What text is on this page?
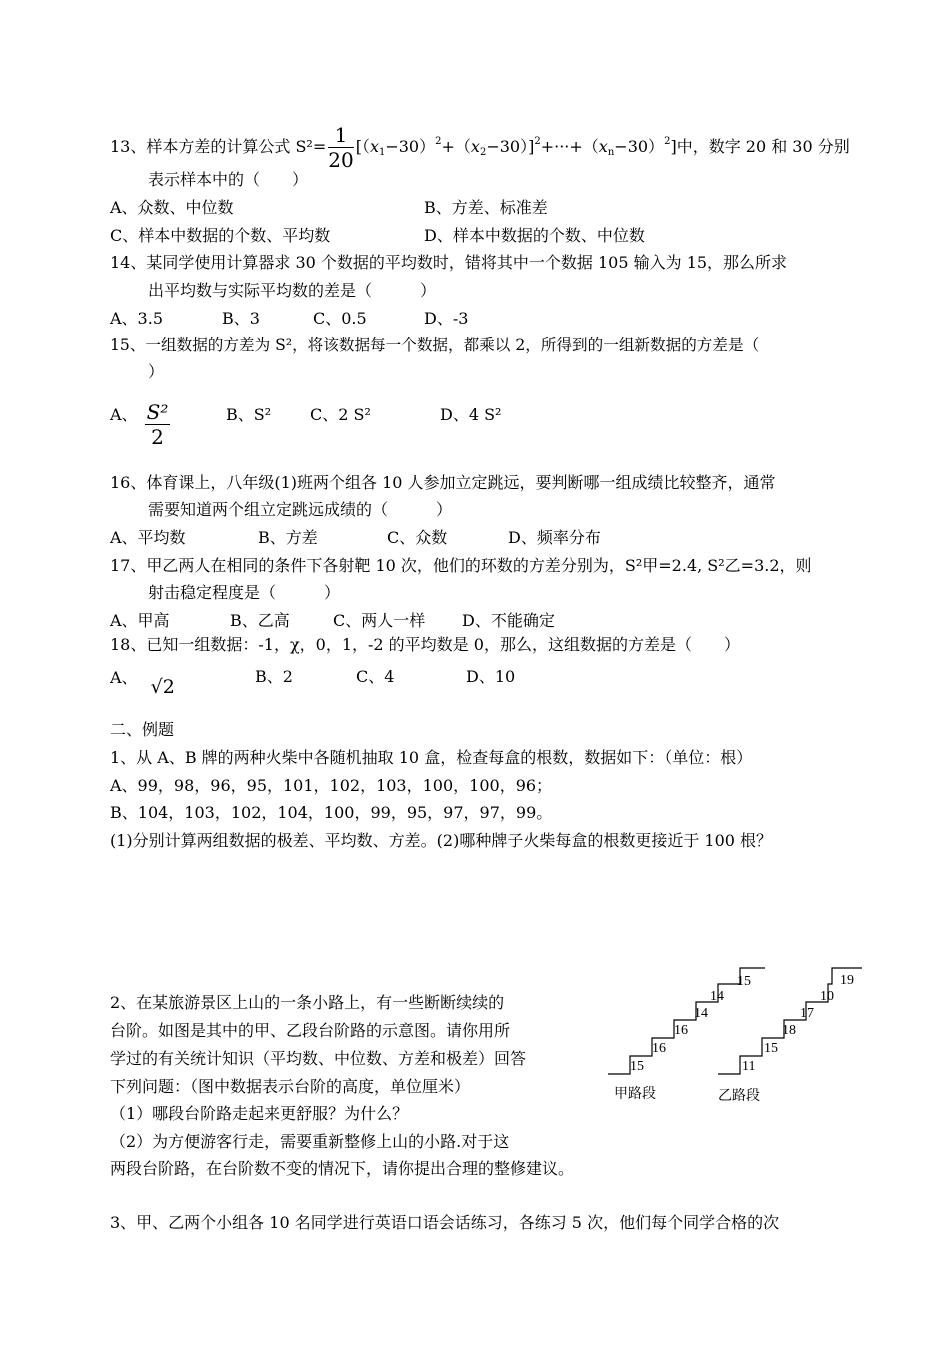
13、样本方差的计算公式 $S^2= \frac{1}{20} [(x_1-30)^2+(x_2-30)]^2+\cdot\cdot\cdot+(x_n-30)^2$]中，数字 20 和 30 分别
表示样本中的（　　）
A、众数、中位数	B、方差、标准差
C、样本中数据的个数、平均数	D、样本中数据的个数、中位数
14、某同学使用计算器求 30 个数据的平均数时，错将其中一个数据 105 输入为 15，那么所求
出平均数与实际平均数的差是（　　　）
A、3.5	B、3	C、0.5	D、-3
15、一组数据的方差为 S²，将该数据每一个数据，都乘以 2，所得到的一组新数据的方差是（
）
A、 $\frac{\text{S²}}{2}$	B、S² C、2 S²	D、4 S²
16、体育课上，八年级(1)班两个组各 10 人参加立定跳远，要判断哪一组成绩比较整齐，通常
需要知道两个组立定跳远成绩的（　　　）
A、平均数	B、方差	C、众数	D、频率分布
17、甲乙两人在相同的条件下各射靶 10 次，他们的环数的方差分别为，S²甲=2.4, S²乙=3.2，则
射击稳定程度是（　　　）
A、甲高	B、乙高	C、两人一样 D、不能确定
18、已知一组数据：-1，χ，0，1，-2 的平均数是 0，那么，这组数据的方差是（　　）
A、 √2	B、2	C、4	D、10
二、例题
1、从 A、B 牌的两种火柴中各随机抽取 10 盒，检查每盒的根数，数据如下：（单位：根）
A、99，98，96，95，101，102，103，100，100，96；
B、104，103，102，104，100，99，95，97，97，99。
(1)分别计算两组数据的极差、平均数、方差。(2)哪种牌子火柴每盒的根数更接近于 100 根？
2、在某旅游景区上山的一条小路上，有一些断断续续的
台阶。如图是其中的甲、乙段台阶路的示意图。请你用所
学过的有关统计知识（平均数、中位数、方差和极差）回答
下列问题：（图中数据表示台阶的高度，单位厘米）
（1）哪段台阶路走起来更舒服？为什么？
（2）为方便游客行走，需要重新整修上山的小路.对于这
两段台阶路，在台阶数不变的情况下，请你提出合理的整修建议。
15
16
16
14
14
15
11
15
18
17
10
19
甲路段	乙路段
3、甲、乙两个小组各 10 名同学进行英语口语会话练习，各练习 5 次，他们每个同学合格的次
